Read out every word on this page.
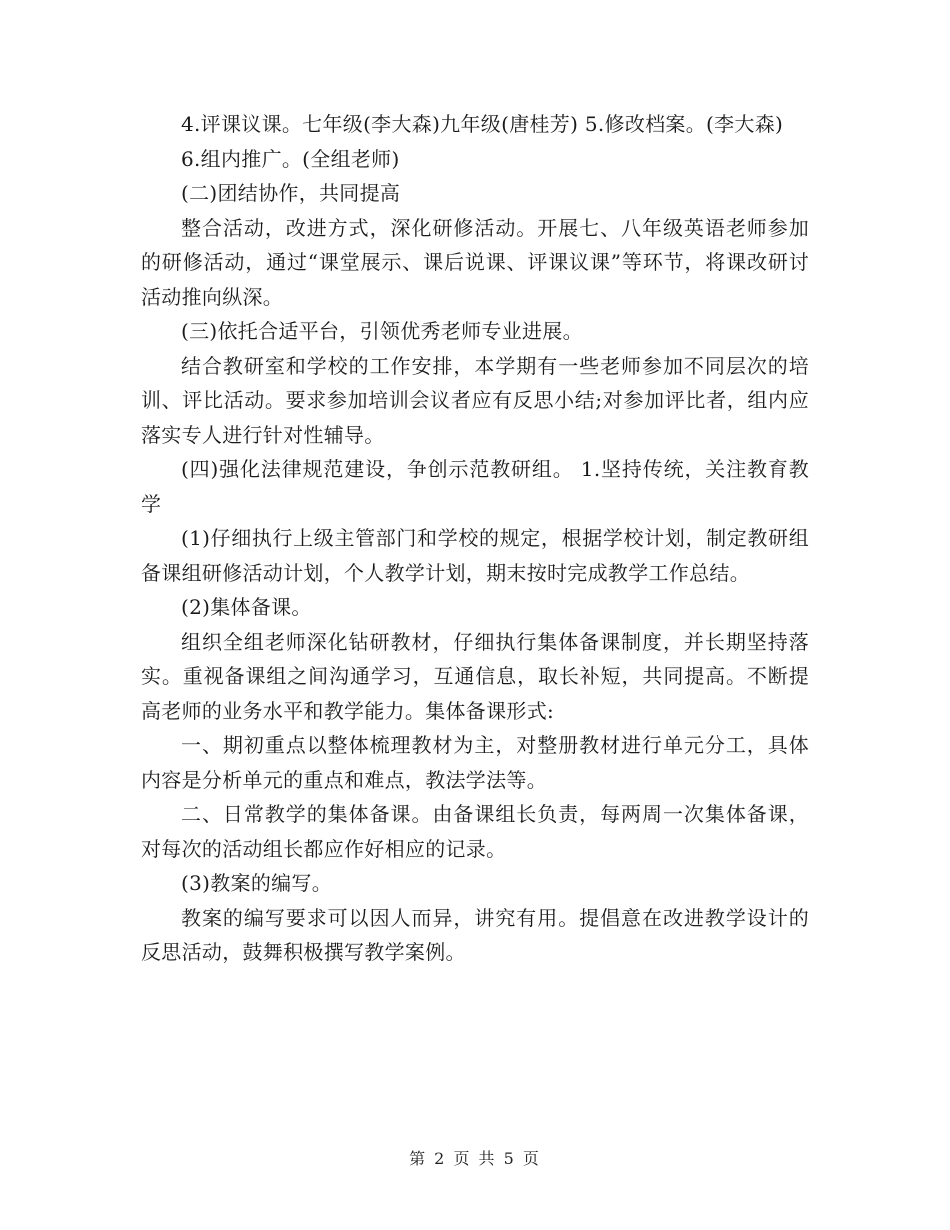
4.评课议课。七年级(李大森)九年级(唐桂芳) 5.修改档案。(李大森)

6.组内推广。(全组老师)

(二)团结协作，共同提高

整合活动，改进方式，深化研修活动。开展七、八年级英语老师参加的研修活动，通过“课堂展示、课后说课、评课议课”等环节，将课改研讨活动推向纵深。

(三)依托合适平台，引领优秀老师专业进展。

结合教研室和学校的工作安排，本学期有一些老师参加不同层次的培训、评比活动。要求参加培训会议者应有反思小结;对参加评比者，组内应落实专人进行针对性辅导。

(四)强化法律规范建设，争创示范教研组。 1.坚持传统，关注教育教学

(1)仔细执行上级主管部门和学校的规定，根据学校计划，制定教研组备课组研修活动计划，个人教学计划，期末按时完成教学工作总结。

(2)集体备课。

组织全组老师深化钻研教材，仔细执行集体备课制度，并长期坚持落实。重视备课组之间沟通学习，互通信息，取长补短，共同提高。不断提高老师的业务水平和教学能力。集体备课形式:

一、期初重点以整体梳理教材为主，对整册教材进行单元分工，具体内容是分析单元的重点和难点，教法学法等。

二、日常教学的集体备课。由备课组长负责，每两周一次集体备课，对每次的活动组长都应作好相应的记录。

(3)教案的编写。

教案的编写要求可以因人而异，讲究有用。提倡意在改进教学设计的反思活动，鼓舞积极撰写教学案例。

第 2 页 共 5 页
